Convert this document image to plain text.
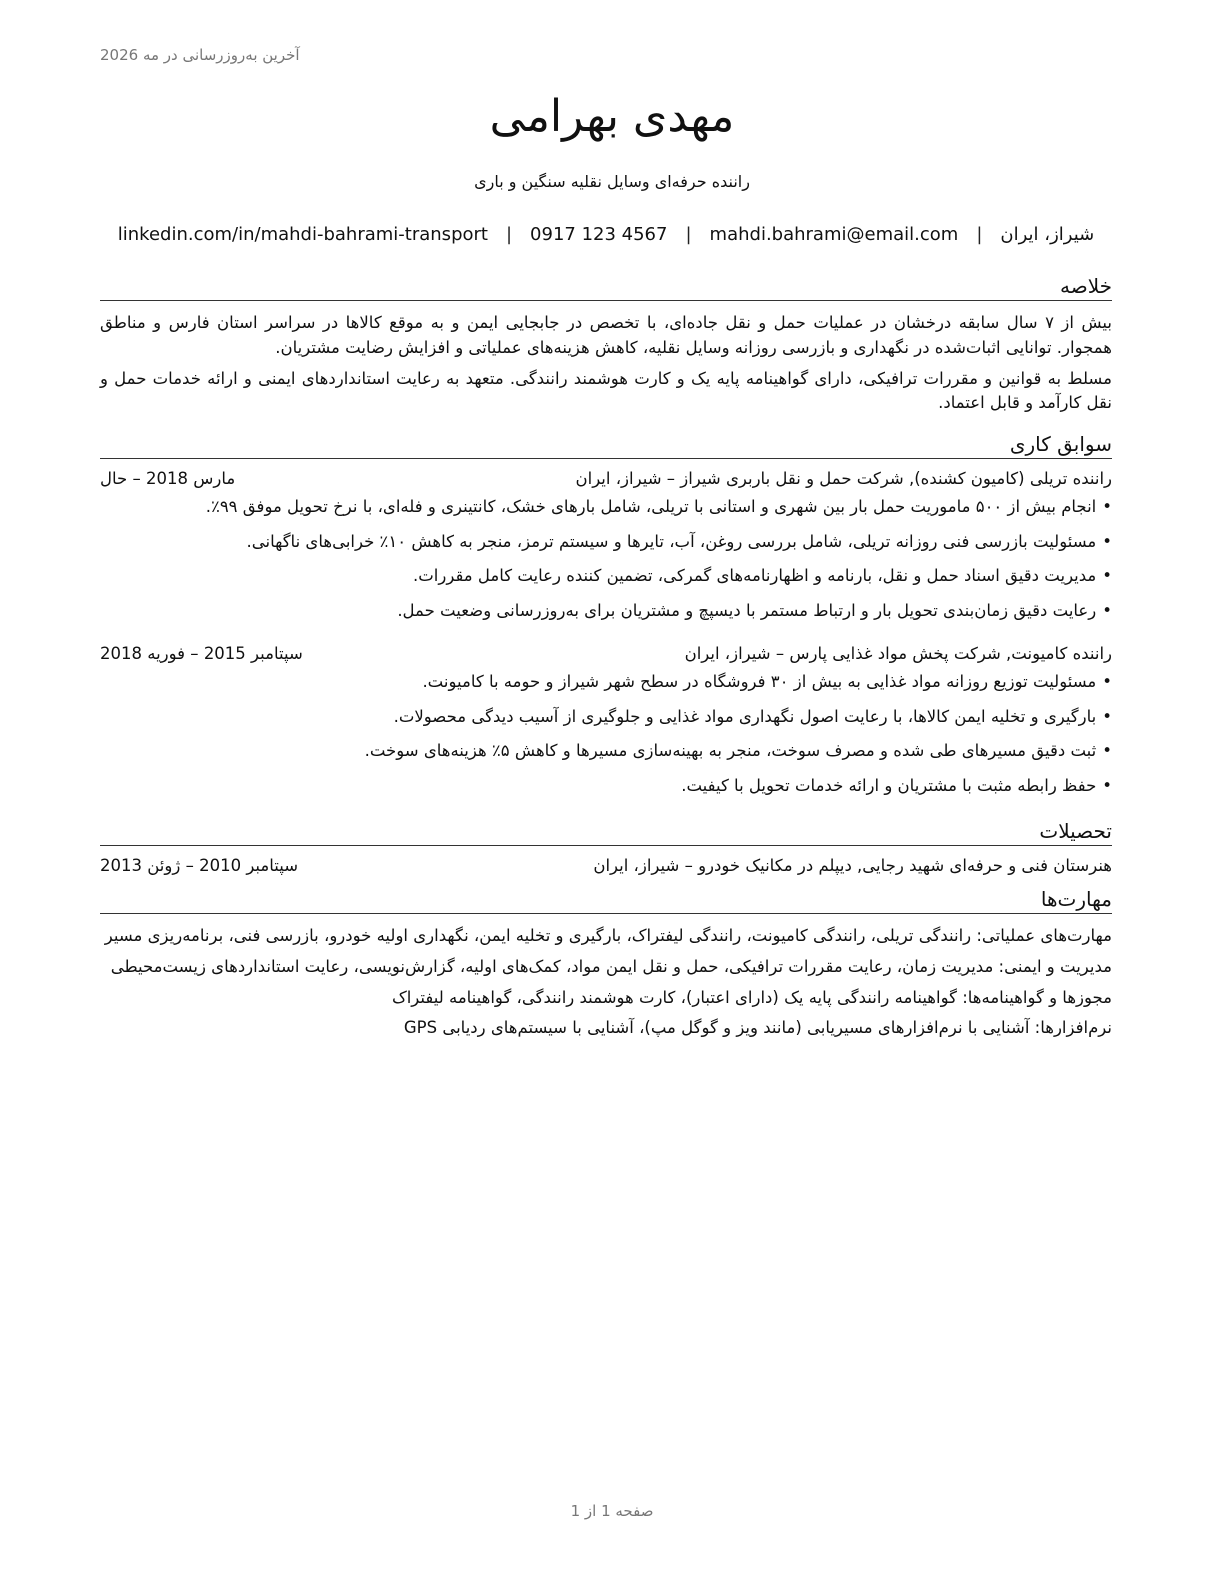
آخرین به‌روزرسانی در مه 2026
مهدی بهرامی
راننده حرفه‌ای وسایل نقلیه سنگین و باری
شیراز، ایران
|
mahdi.bahrami@email.com
|
0917 123 4567
|
linkedin.com/in/mahdi-bahrami-transport
خلاصه

بیش از ۷ سال سابقه درخشان در عملیات حمل و نقل جاده‌ای، با تخصص در جابجایی ایمن و به موقع کالاها در سراسر استان فارس و مناطق همجوار. توانایی اثبات‌شده در نگهداری و بازرسی روزانه وسایل نقلیه، کاهش هزینه‌های عملیاتی و افزایش رضایت مشتریان.

مسلط به قوانین و مقررات ترافیکی، دارای گواهینامه پایه یک و کارت هوشمند رانندگی. متعهد به رعایت استانداردهای ایمنی و ارائه خدمات حمل و نقل کارآمد و قابل اعتماد.

سوابق کاری
راننده تریلی (کامیون کشنده), شرکت حمل و نقل باربری شیراز – شیراز، ایران
مارس 2018 – حال
•انجام بیش از ۵۰۰ ماموریت حمل بار بین شهری و استانی با تریلی، شامل بارهای خشک، کانتینری و فله‌ای، با نرخ تحویل موفق ۹۹٪.
•مسئولیت بازرسی فنی روزانه تریلی، شامل بررسی روغن، آب، تایرها و سیستم ترمز، منجر به کاهش ۱۰٪ خرابی‌های ناگهانی.
•مدیریت دقیق اسناد حمل و نقل، بارنامه و اظهارنامه‌های گمرکی، تضمین کننده رعایت کامل مقررات.
•رعایت دقیق زمان‌بندی تحویل بار و ارتباط مستمر با دیسپچ و مشتریان برای به‌روزرسانی وضعیت حمل.
راننده کامیونت, شرکت پخش مواد غذایی پارس – شیراز، ایران
سپتامبر 2015 – فوریه 2018
•مسئولیت توزیع روزانه مواد غذایی به بیش از ۳۰ فروشگاه در سطح شهر شیراز و حومه با کامیونت.
•بارگیری و تخلیه ایمن کالاها، با رعایت اصول نگهداری مواد غذایی و جلوگیری از آسیب دیدگی محصولات.
•ثبت دقیق مسیرهای طی شده و مصرف سوخت، منجر به بهینه‌سازی مسیرها و کاهش ۵٪ هزینه‌های سوخت.
•حفظ رابطه مثبت با مشتریان و ارائه خدمات تحویل با کیفیت.
تحصیلات
هنرستان فنی و حرفه‌ای شهید رجایی, دیپلم در مکانیک خودرو – شیراز، ایران
سپتامبر 2010 – ژوئن 2013
مهارت‌ها

مهارت‌های عملیاتی: رانندگی تریلی، رانندگی کامیونت، رانندگی لیفتراک، بارگیری و تخلیه ایمن، نگهداری اولیه خودرو، بازرسی فنی، برنامه‌ریزی مسیر

مدیریت و ایمنی: مدیریت زمان، رعایت مقررات ترافیکی، حمل و نقل ایمن مواد، کمک‌های اولیه، گزارش‌نویسی، رعایت استانداردهای زیست‌محیطی

مجوزها و گواهینامه‌ها: گواهینامه رانندگی پایه یک (دارای اعتبار)، کارت هوشمند رانندگی، گواهینامه لیفتراک

نرم‌افزارها: آشنایی با نرم‌افزارهای مسیریابی (مانند ویز و گوگل مپ)، آشنایی با سیستم‌های ردیابی GPS

صفحه 1 از 1
